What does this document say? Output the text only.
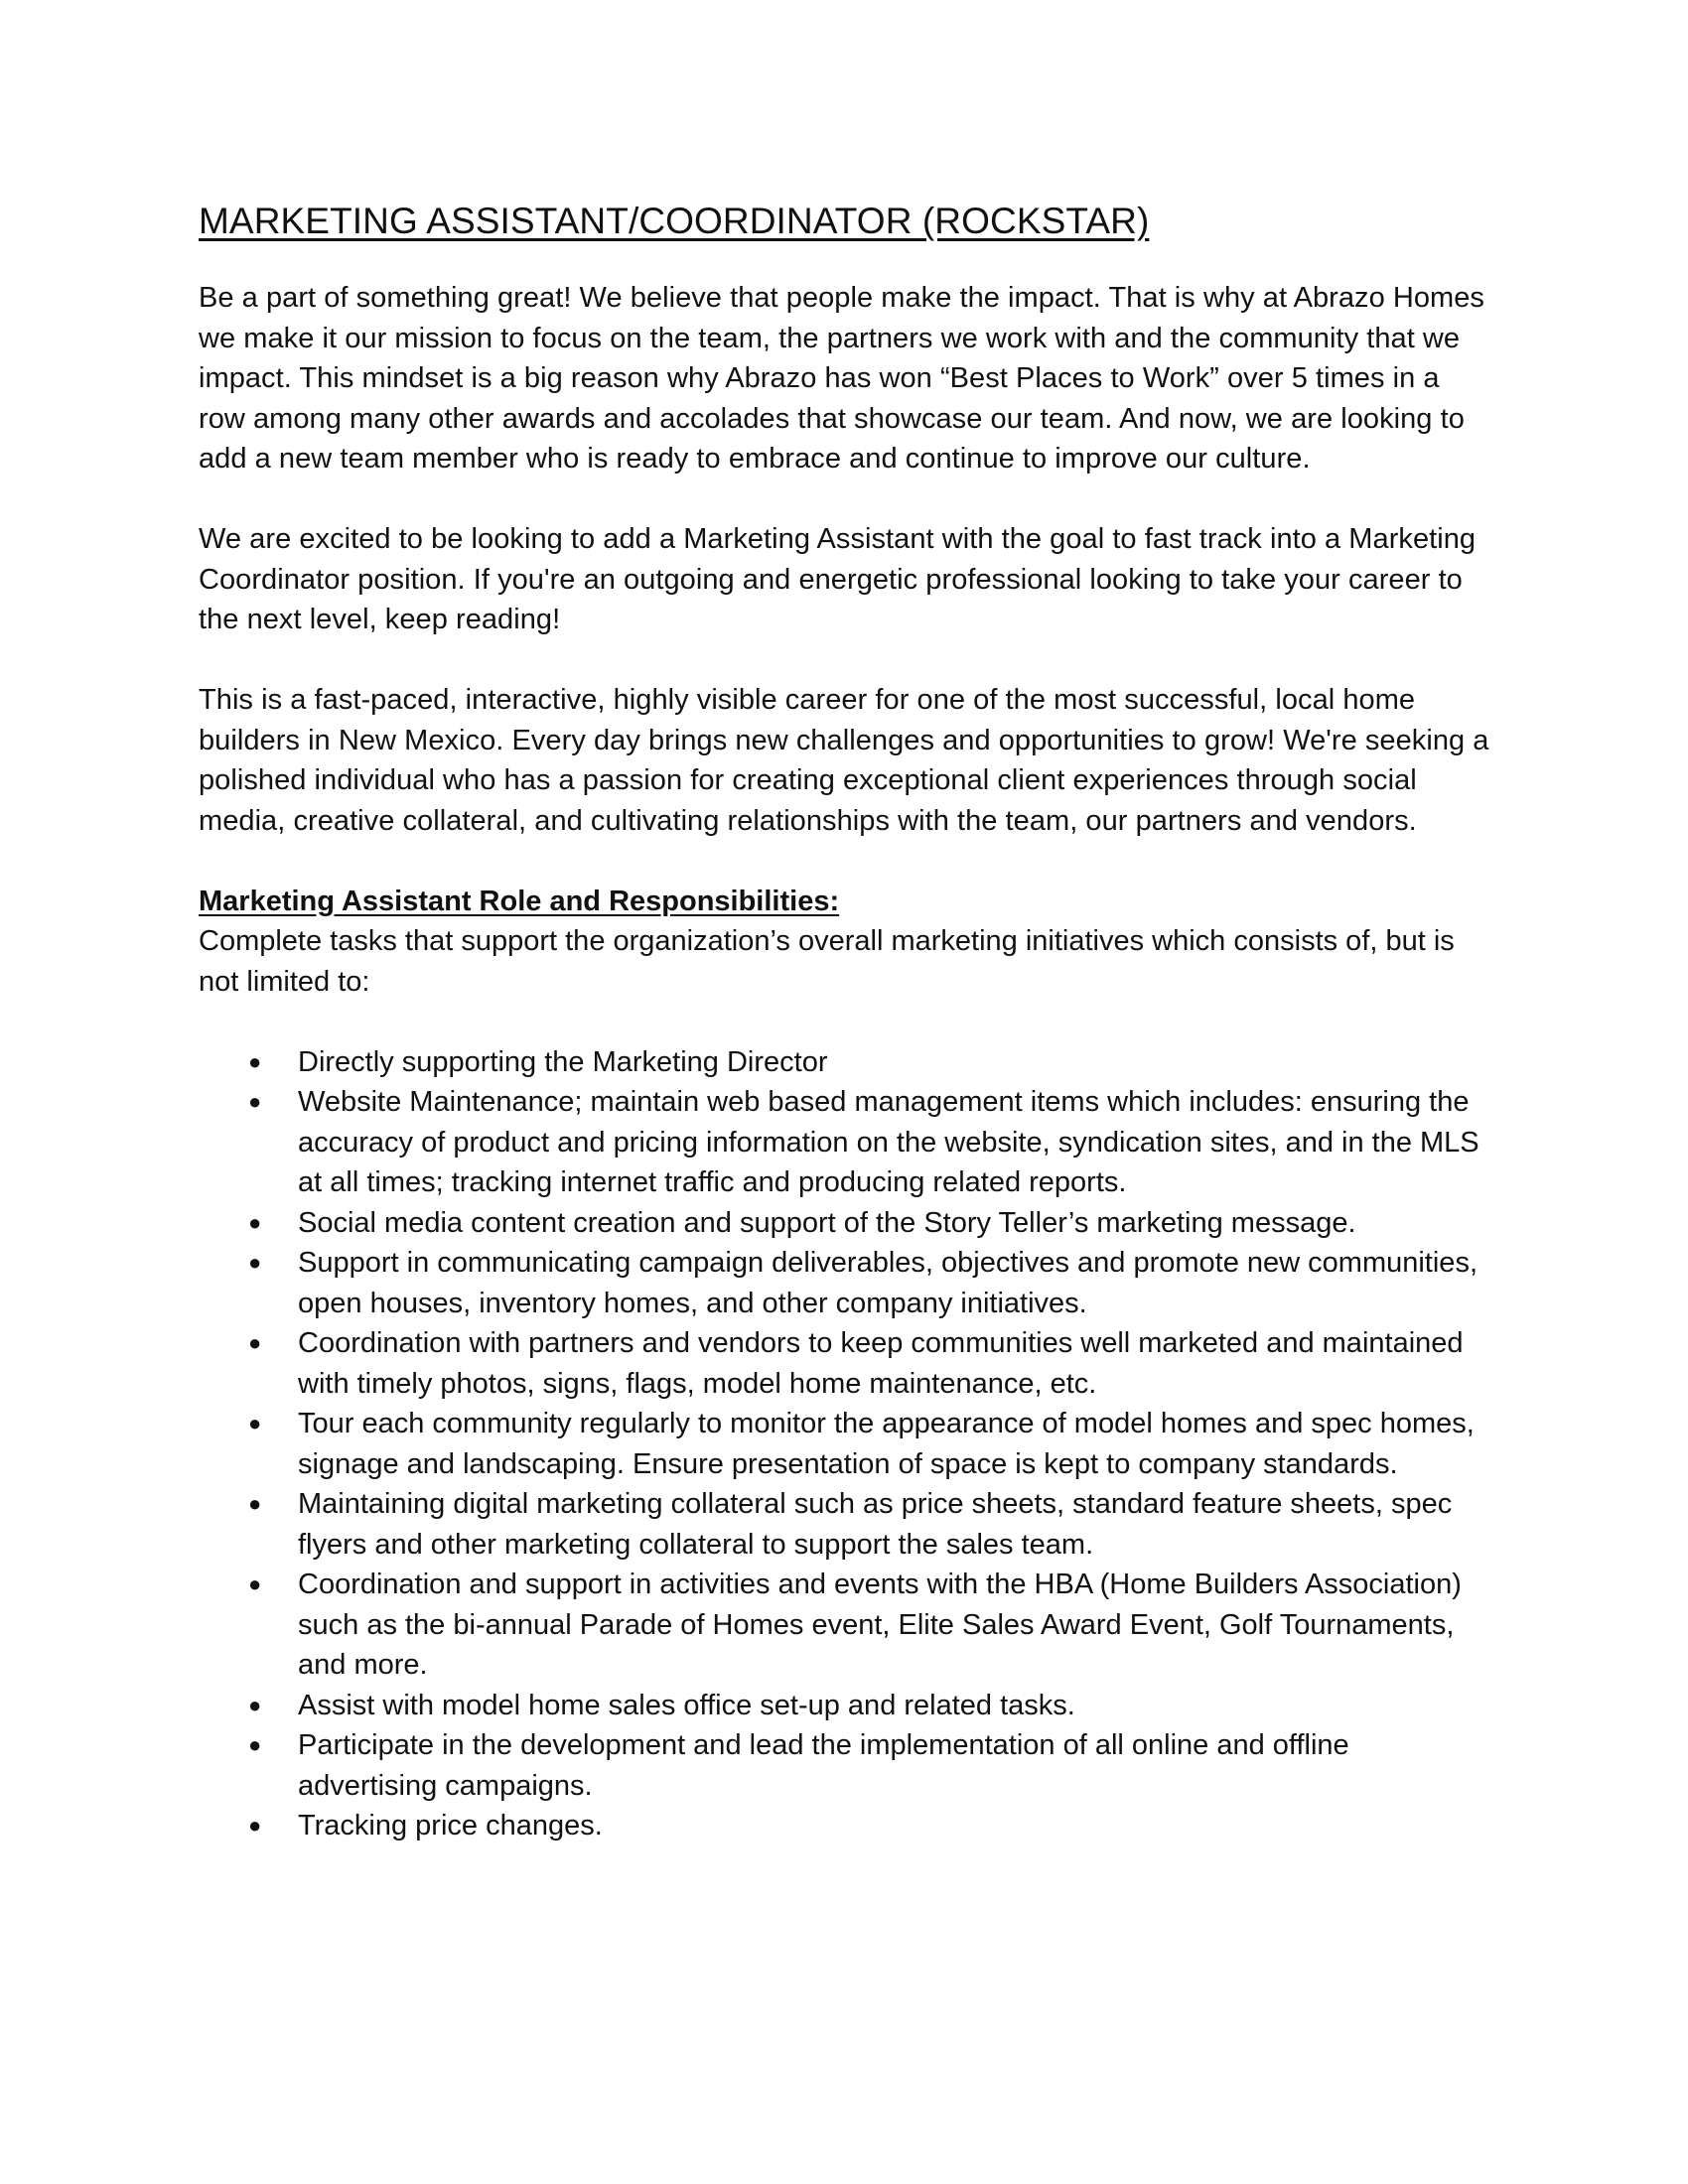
MARKETING ASSISTANT/COORDINATOR (ROCKSTAR)

Be a part of something great! We believe that people make the impact. That is why at Abrazo Homes we make it our mission to focus on the team, the partners we work with and the community that we impact. This mindset is a big reason why Abrazo has won “Best Places to Work” over 5 times in a row among many other awards and accolades that showcase our team. And now, we are looking to add a new team member who is ready to embrace and continue to improve our culture.

We are excited to be looking to add a Marketing Assistant with the goal to fast track into a Marketing Coordinator position. If you're an outgoing and energetic professional looking to take your career to the next level, keep reading!

This is a fast-paced, interactive, highly visible career for one of the most successful, local home builders in New Mexico. Every day brings new challenges and opportunities to grow! We're seeking a polished individual who has a passion for creating exceptional client experiences through social media, creative collateral, and cultivating relationships with the team, our partners and vendors.

Marketing Assistant Role and Responsibilities:

Complete tasks that support the organization’s overall marketing initiatives which consists of, but is not limited to:

● Directly supporting the Marketing Director
● Website Maintenance; maintain web based management items which includes: ensuring the accuracy of product and pricing information on the website, syndication sites, and in the MLS at all times; tracking internet traffic and producing related reports.
● Social media content creation and support of the Story Teller’s marketing message.
● Support in communicating campaign deliverables, objectives and promote new communities, open houses, inventory homes, and other company initiatives.
● Coordination with partners and vendors to keep communities well marketed and maintained with timely photos, signs, flags, model home maintenance, etc.
● Tour each community regularly to monitor the appearance of model homes and spec homes, signage and landscaping. Ensure presentation of space is kept to company standards.
● Maintaining digital marketing collateral such as price sheets, standard feature sheets, spec flyers and other marketing collateral to support the sales team.
● Coordination and support in activities and events with the HBA (Home Builders Association) such as the bi-annual Parade of Homes event, Elite Sales Award Event, Golf Tournaments, and more.
● Assist with model home sales office set-up and related tasks.
● Participate in the development and lead the implementation of all online and offline advertising campaigns.
● Tracking price changes.
